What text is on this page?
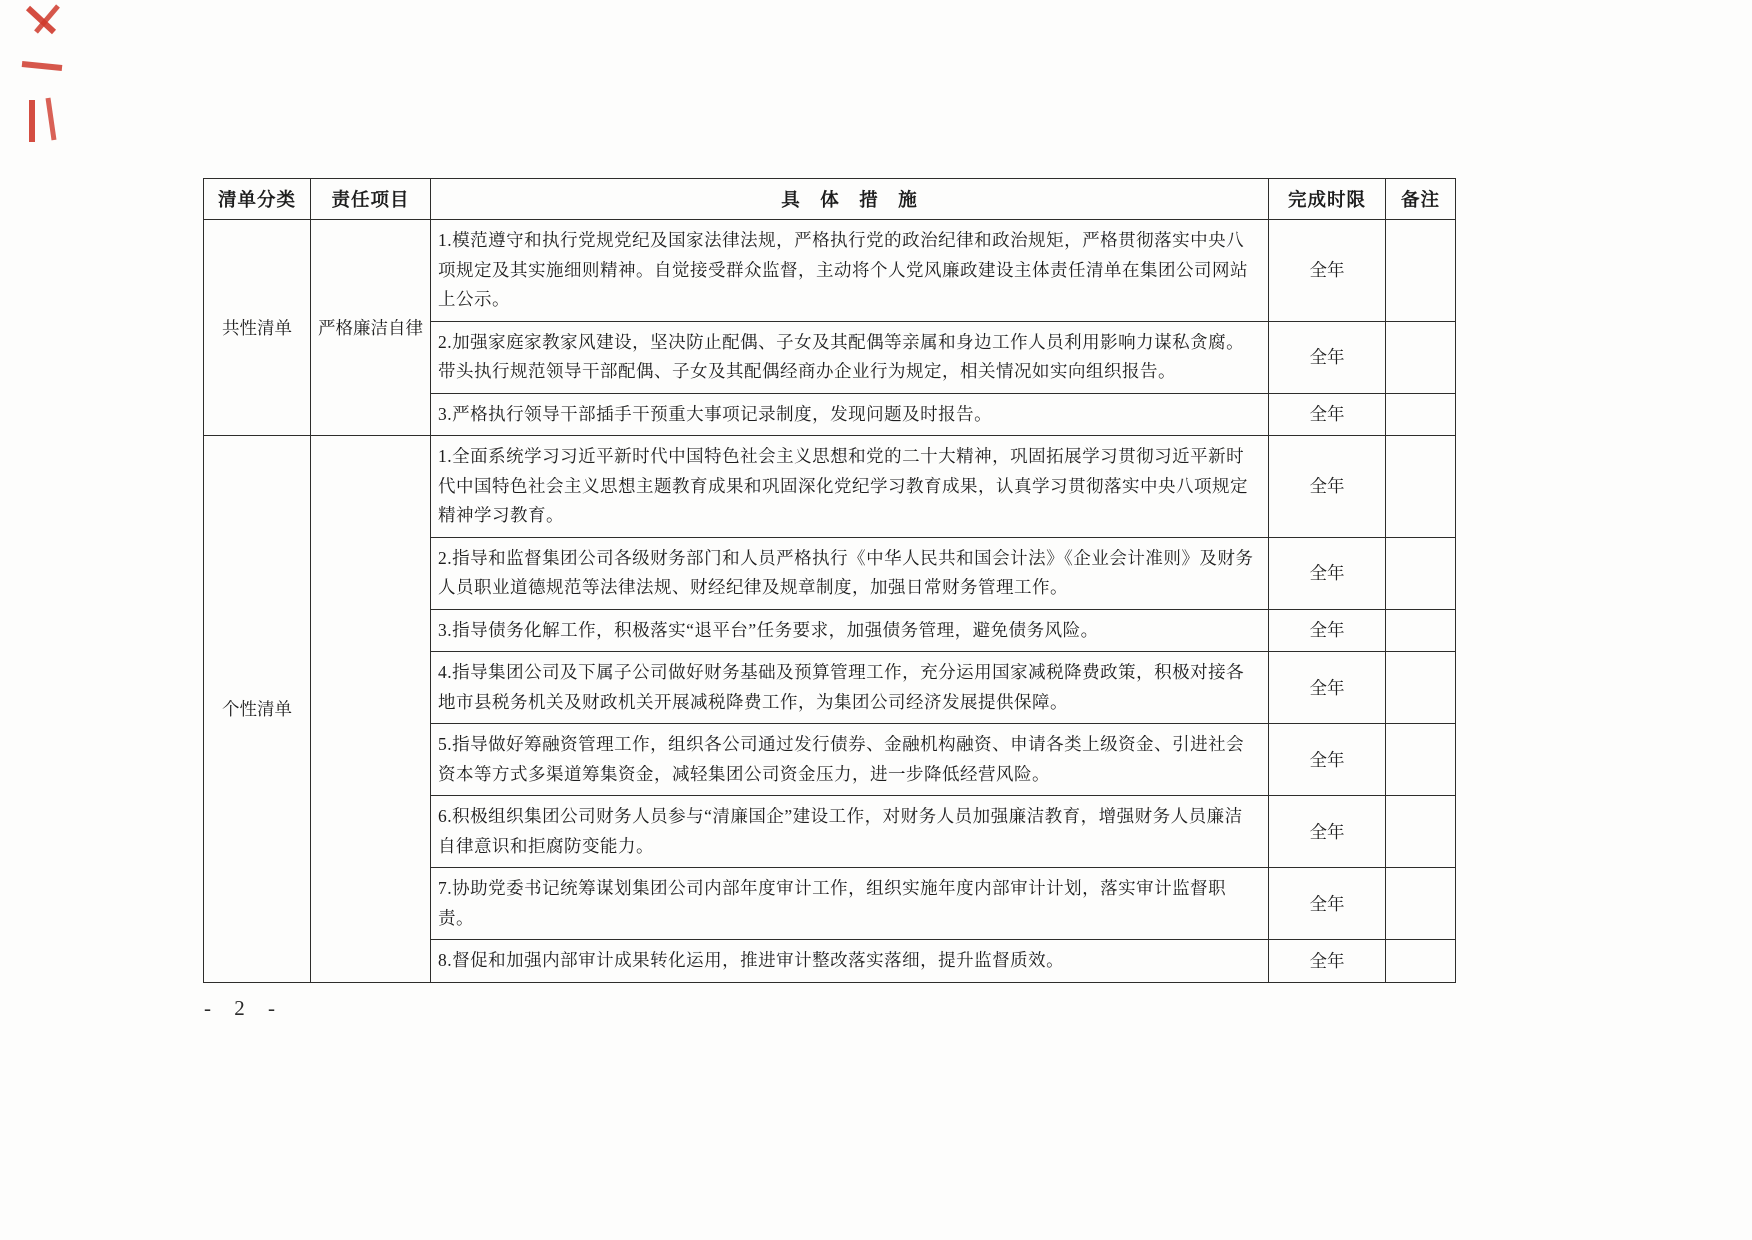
清单分类	责任项目	具　体　措　施	完成时限	备注
共性清单	严格廉洁自律	1.模范遵守和执行党规党纪及国家法律法规，严格执行党的政治纪律和政治规矩，严格贯彻落实中央八项规定及其实施细则精神。自觉接受群众监督，主动将个人党风廉政建设主体责任清单在集团公司网站上公示。	全年	
		2.加强家庭家教家风建设，坚决防止配偶、子女及其配偶等亲属和身边工作人员利用影响力谋私贪腐。带头执行规范领导干部配偶、子女及其配偶经商办企业行为规定，相关情况如实向组织报告。	全年	
		3.严格执行领导干部插手干预重大事项记录制度，发现问题及时报告。	全年	
个性清单		1.全面系统学习习近平新时代中国特色社会主义思想和党的二十大精神，巩固拓展学习贯彻习近平新时代中国特色社会主义思想主题教育成果和巩固深化党纪学习教育成果，认真学习贯彻落实中央八项规定精神学习教育。	全年	
		2.指导和监督集团公司各级财务部门和人员严格执行《中华人民共和国会计法》《企业会计准则》及财务人员职业道德规范等法律法规、财经纪律及规章制度，加强日常财务管理工作。	全年	
		3.指导债务化解工作，积极落实“退平台”任务要求，加强债务管理，避免债务风险。	全年	
		4.指导集团公司及下属子公司做好财务基础及预算管理工作，充分运用国家减税降费政策，积极对接各地市县税务机关及财政机关开展减税降费工作，为集团公司经济发展提供保障。	全年	
		5.指导做好筹融资管理工作，组织各公司通过发行债券、金融机构融资、申请各类上级资金、引进社会资本等方式多渠道筹集资金，减轻集团公司资金压力，进一步降低经营风险。	全年	
		6.积极组织集团公司财务人员参与“清廉国企”建设工作，对财务人员加强廉洁教育，增强财务人员廉洁自律意识和拒腐防变能力。	全年	
		7.协助党委书记统筹谋划集团公司内部年度审计工作，组织实施年度内部审计计划，落实审计监督职责。	全年	
		8.督促和加强内部审计成果转化运用，推进审计整改落实落细，提升监督质效。	全年	
- 2 -
